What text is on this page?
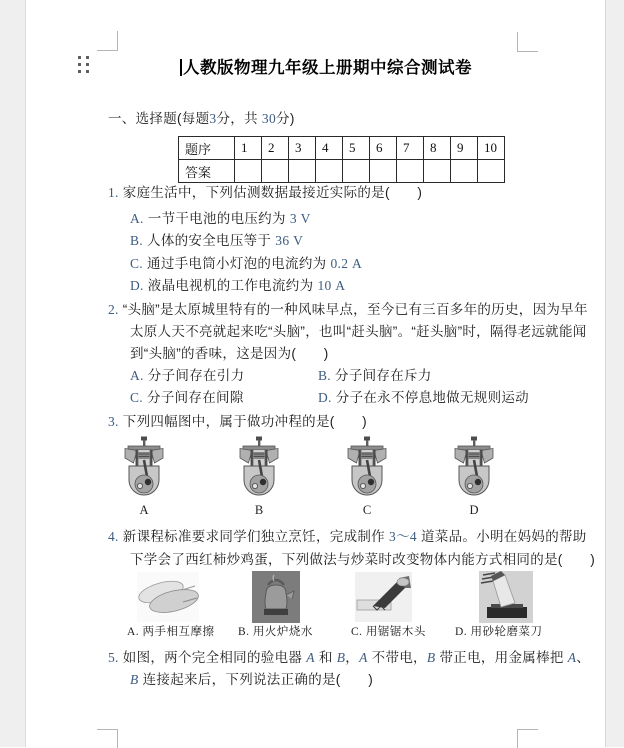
人教版物理九年级上册期中综合测试卷
一、选择题(每题3分，共 30分)
题序	1	2	3	4	5	6	7	8	9	10
答案										
1. 家庭生活中，下列估测数据最接近实际的是(　　)
A. 一节干电池的电压约为 3 V
B. 人体的安全电压等于 36 V
C. 通过手电筒小灯泡的电流约为 0.2 A
D. 液晶电视机的工作电流约为 10 A
2. “头脑”是太原城里特有的一种风味早点，至今已有三百多年的历史，因为早年
太原人天不亮就起来吃“头脑”，也叫“赶头脑”。“赶头脑”时，隔得老远就能闻
到“头脑”的香味，这是因为(　　)
A. 分子间存在引力	B. 分子间存在斥力
C. 分子间存在间隙	D. 分子在永不停息地做无规则运动
3. 下列四幅图中，属于做功冲程的是(　　)
A	B	C	D
4. 新课程标准要求同学们独立烹饪，完成制作 3～4 道菜品。小明在妈妈的帮助
下学会了西红柿炒鸡蛋，下列做法与炒菜时改变物体内能方式相同的是(　　)
A. 两手相互摩擦 B. 用火炉烧水	C. 用锯锯木头	D. 用砂轮磨菜刀
5. 如图，两个完全相同的验电器 A 和 B，A 不带电，B 带正电，用金属棒把 A、
B 连接起来后，下列说法正确的是(　　)
